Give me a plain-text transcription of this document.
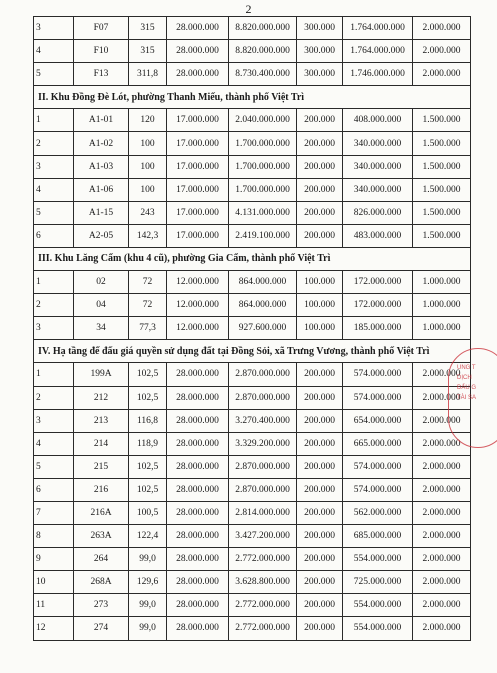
2
3	F07	315	28.000.000	8.820.000.000	300.000	1.764.000.000	2.000.000
4	F10	315	28.000.000	8.820.000.000	300.000	1.764.000.000	2.000.000
5	F13	311,8	28.000.000	8.730.400.000	300.000	1.746.000.000	2.000.000
II. Khu Đồng Đè Lót, phường Thanh Miếu, thành phố Việt Trì							
1	A1-01	120	17.000.000	2.040.000.000	200.000	408.000.000	1.500.000
2	A1-02	100	17.000.000	1.700.000.000	200.000	340.000.000	1.500.000
3	A1-03	100	17.000.000	1.700.000.000	200.000	340.000.000	1.500.000
4	A1-06	100	17.000.000	1.700.000.000	200.000	340.000.000	1.500.000
5	A1-15	243	17.000.000	4.131.000.000	200.000	826.000.000	1.500.000
6	A2-05	142,3	17.000.000	2.419.100.000	200.000	483.000.000	1.500.000
III. Khu Lăng Cẩm (khu 4 cũ), phường Gia Cẩm, thành phố Việt Trì							
1	02	72	12.000.000	864.000.000	100.000	172.000.000	1.000.000
2	04	72	12.000.000	864.000.000	100.000	172.000.000	1.000.000
3	34	77,3	12.000.000	927.600.000	100.000	185.000.000	1.000.000
IV. Hạ tầng để đấu giá quyền sử dụng đất tại Đồng Sỏi, xã Trưng Vương, thành phố Việt Trì							
1	199A	102,5	28.000.000	2.870.000.000	200.000	574.000.000	2.000.000
2	212	102,5	28.000.000	2.870.000.000	200.000	574.000.000	2.000.000
3	213	116,8	28.000.000	3.270.400.000	200.000	654.000.000	2.000.000
4	214	118,9	28.000.000	3.329.200.000	200.000	665.000.000	2.000.000
5	215	102,5	28.000.000	2.870.000.000	200.000	574.000.000	2.000.000
6	216	102,5	28.000.000	2.870.000.000	200.000	574.000.000	2.000.000
7	216A	100,5	28.000.000	2.814.000.000	200.000	562.000.000	2.000.000
8	263A	122,4	28.000.000	3.427.200.000	200.000	685.000.000	2.000.000
9	264	99,0	28.000.000	2.772.000.000	200.000	554.000.000	2.000.000
10	268A	129,6	28.000.000	3.628.800.000	200.000	725.000.000	2.000.000
11	273	99,0	28.000.000	2.772.000.000	200.000	554.000.000	2.000.000
12	274	99,0	28.000.000	2.772.000.000	200.000	554.000.000	2.000.000
UNG T
DỊCH
ĐẤU G
TÀI SA
